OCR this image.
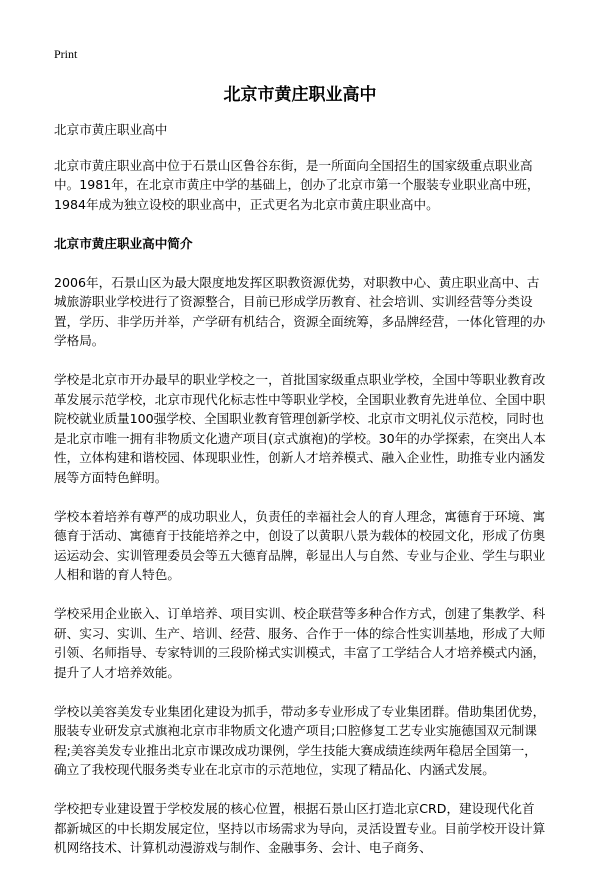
Print
北京市黄庄职业高中

北京市黄庄职业高中

北京市黄庄职业高中位于石景山区鲁谷东街，是一所面向全国招生的国家级重点职业高中。1981年，在北京市黄庄中学的基础上，创办了北京市第一个服装专业职业高中班，1984年成为独立设校的职业高中，正式更名为北京市黄庄职业高中。

北京市黄庄职业高中简介

2006年，石景山区为最大限度地发挥区职教资源优势，对职教中心、黄庄职业高中、古城旅游职业学校进行了资源整合，目前已形成学历教育、社会培训、实训经营等分类设置，学历、非学历并举，产学研有机结合，资源全面统筹，多品牌经营，一体化管理的办学格局。

学校是北京市开办最早的职业学校之一，首批国家级重点职业学校，全国中等职业教育改革发展示范学校，北京市现代化标志性中等职业学校，全国职业教育先进单位、全国中职院校就业质量100强学校、全国职业教育管理创新学校、北京市文明礼仪示范校，同时也是北京市唯一拥有非物质文化遗产项目(京式旗袍)的学校。30年的办学探索，在突出人本性，立体构建和谐校园、体现职业性，创新人才培养模式、融入企业性，助推专业内涵发展等方面特色鲜明。

学校本着培养有尊严的成功职业人，负责任的幸福社会人的育人理念，寓德育于环境、寓德育于活动、寓德育于技能培养之中，创设了以黄职八景为载体的校园文化，形成了仿奥运运动会、实训管理委员会等五大德育品牌，彰显出人与自然、专业与企业、学生与职业人相和谐的育人特色。

学校采用企业嵌入、订单培养、项目实训、校企联营等多种合作方式，创建了集教学、科研、实习、实训、生产、培训、经营、服务、合作于一体的综合性实训基地，形成了大师引领、名师指导、专家特训的三段阶梯式实训模式，丰富了工学结合人才培养模式内涵，提升了人才培养效能。

学校以美容美发专业集团化建设为抓手，带动多专业形成了专业集团群。借助集团优势，服装专业研发京式旗袍北京市非物质文化遗产项目;口腔修复工艺专业实施德国双元制课程;美容美发专业推出北京市课改成功课例，学生技能大赛成绩连续两年稳居全国第一，确立了我校现代服务类专业在北京市的示范地位，实现了精品化、内涵式发展。

学校把专业建设置于学校发展的核心位置，根据石景山区打造北京CRD，建设现代化首都新城区的中长期发展定位，坚持以市场需求为导向，灵活设置专业。目前学校开设计算机网络技术、计算机动漫游戏与制作、金融事务、会计、电子商务、
